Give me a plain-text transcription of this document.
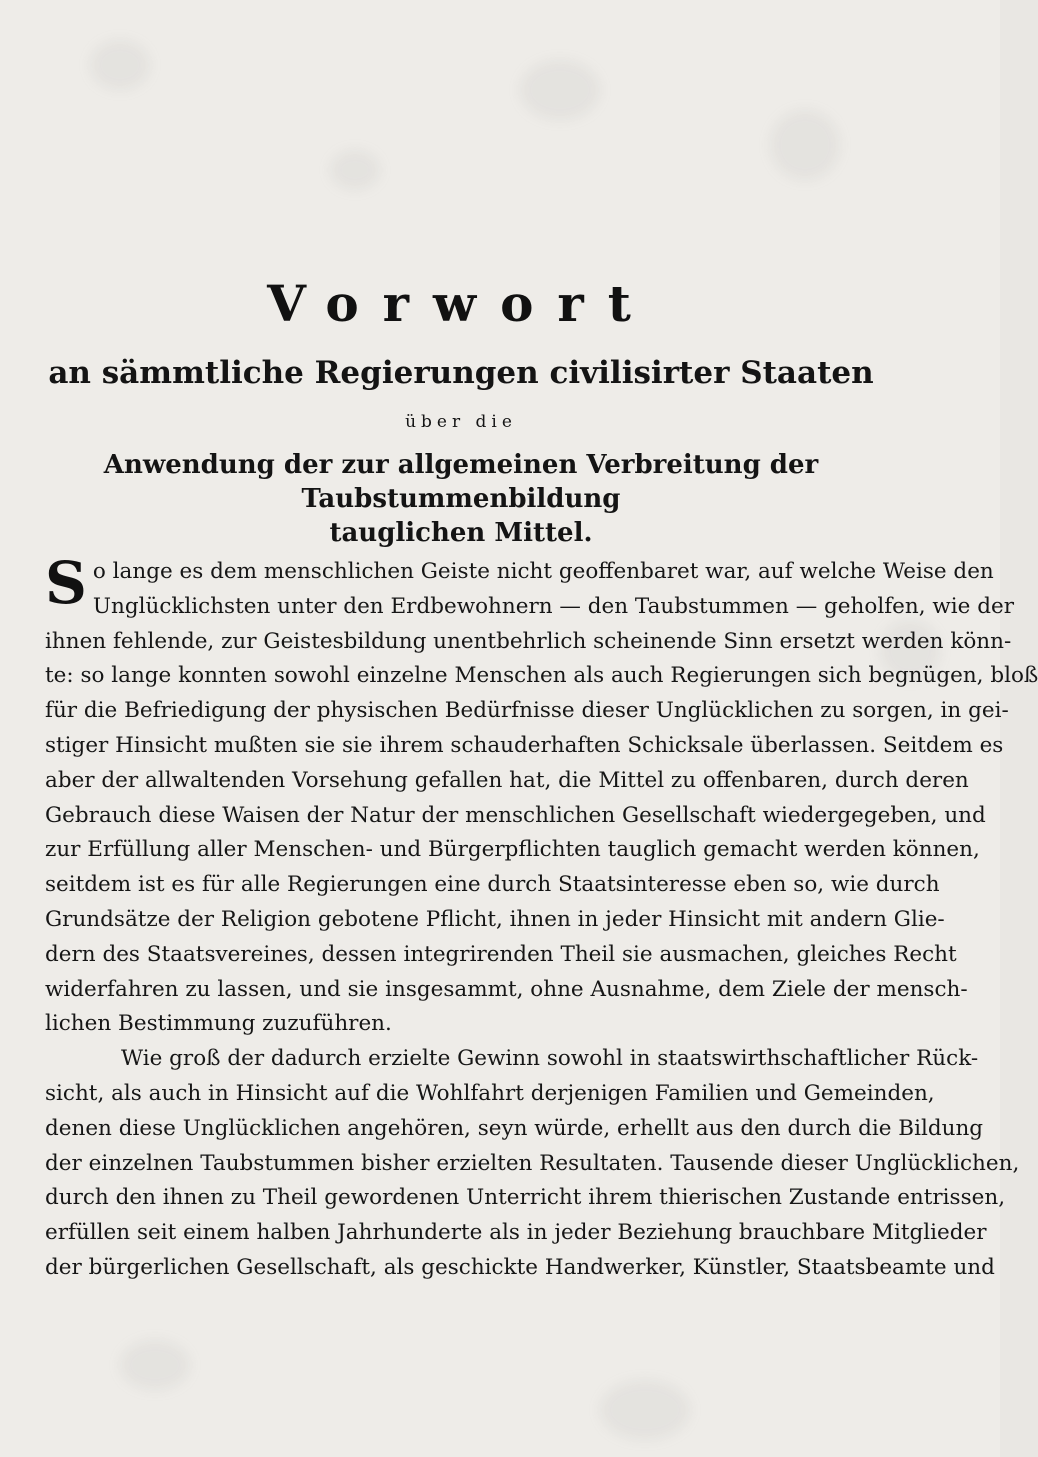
Vorwort
an sämmtliche Regierungen civilisirter Staaten
über die
Anwendung der zur allgemeinen Verbreitung der Taubstummenbildung
tauglichen Mittel.

S o lange es dem menschlichen Geiste nicht geoffenbaret war, auf welche Weise den
Unglücklichsten unter den Erdbewohnern — den Taubstummen — geholfen, wie der
ihnen fehlende, zur Geistesbildung unentbehrlich scheinende Sinn ersetzt werden könn-
te: so lange konnten sowohl einzelne Menschen als auch Regierungen sich begnügen, bloß
für die Befriedigung der physischen Bedürfnisse dieser Unglücklichen zu sorgen, in gei-
stiger Hinsicht mußten sie sie ihrem schauderhaften Schicksale überlassen. Seitdem es
aber der allwaltenden Vorsehung gefallen hat, die Mittel zu offenbaren, durch deren
Gebrauch diese Waisen der Natur der menschlichen Gesellschaft wiedergegeben, und
zur Erfüllung aller Menschen- und Bürgerpflichten tauglich gemacht werden können,
seitdem ist es für alle Regierungen eine durch Staatsinteresse eben so, wie durch
Grundsätze der Religion gebotene Pflicht, ihnen in jeder Hinsicht mit andern Glie-
dern des Staatsvereines, dessen integrirenden Theil sie ausmachen, gleiches Recht
widerfahren zu lassen, und sie insgesammt, ohne Ausnahme, dem Ziele der mensch-
lichen Bestimmung zuzuführen.

Wie groß der dadurch erzielte Gewinn sowohl in staatswirthschaftlicher Rück-
sicht, als auch in Hinsicht auf die Wohlfahrt derjenigen Familien und Gemeinden,
denen diese Unglücklichen angehören, seyn würde, erhellt aus den durch die Bildung
der einzelnen Taubstummen bisher erzielten Resultaten. Tausende dieser Unglücklichen,
durch den ihnen zu Theil gewordenen Unterricht ihrem thierischen Zustande entrissen,
erfüllen seit einem halben Jahrhunderte als in jeder Beziehung brauchbare Mitglieder
der bürgerlichen Gesellschaft, als geschickte Handwerker, Künstler, Staatsbeamte und
